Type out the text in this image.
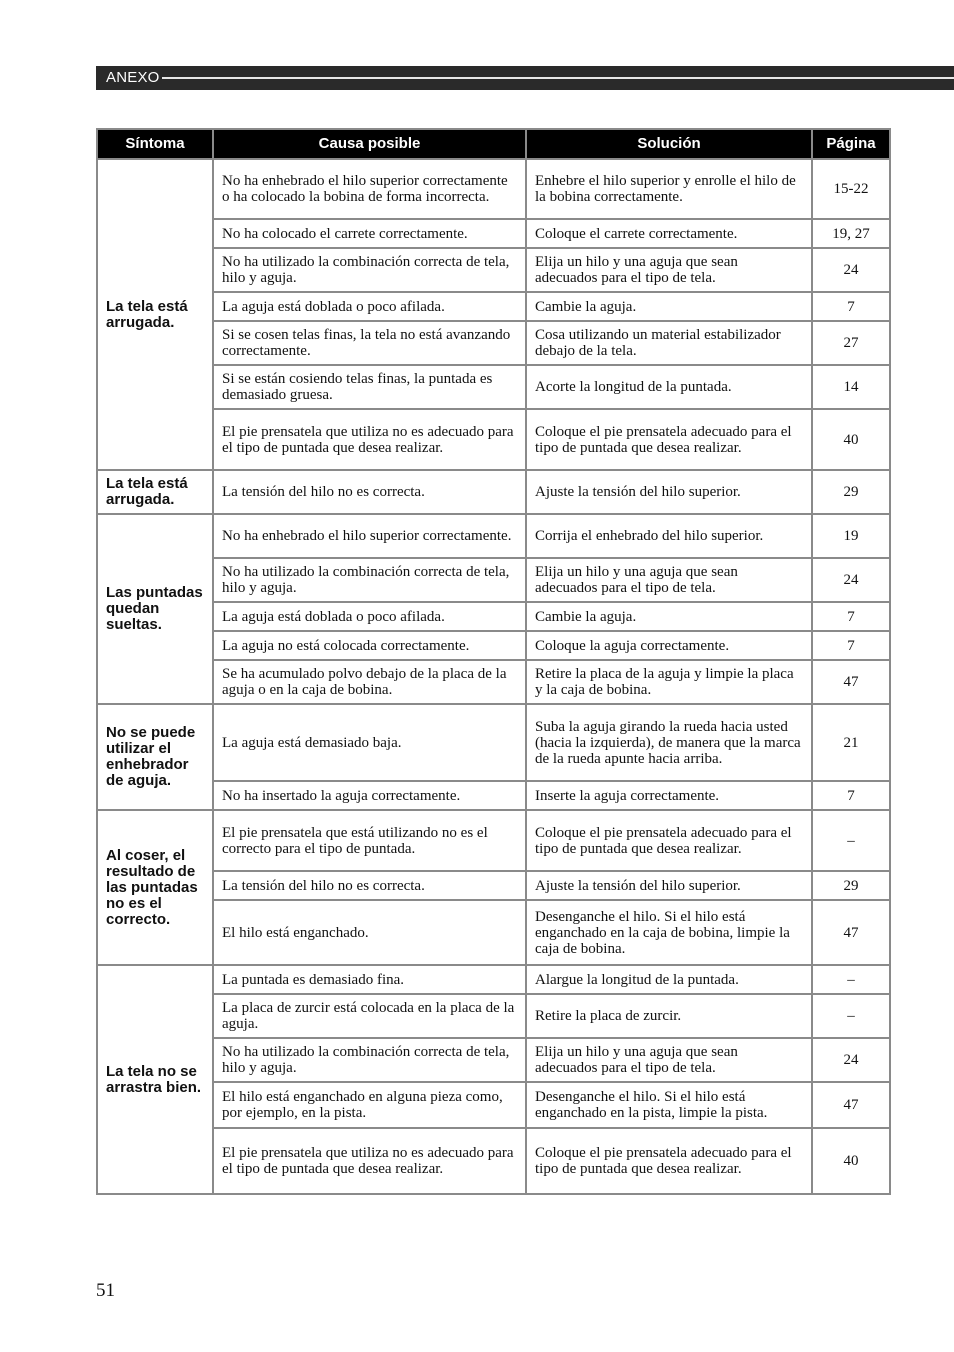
ANEXO
Síntoma	Causa posible	Solución	Página
La tela está arrugada.	No ha enhebrado el hilo superior correctamente o ha colocado la bobina de forma incorrecta.	Enhebre el hilo superior y enrolle el hilo de la bobina correctamente.	15-22
	No ha colocado el carrete correctamente.	Coloque el carrete correctamente.	19, 27
	No ha utilizado la combinación correcta de tela, hilo y aguja.	Elija un hilo y una aguja que sean adecuados para el tipo de tela.	24
	La aguja está doblada o poco afilada.	Cambie la aguja.	7
	Si se cosen telas finas, la tela no está avanzando correctamente.	Cosa utilizando un material estabilizador debajo de la tela.	27
	Si se están cosiendo telas finas, la puntada es demasiado gruesa.	Acorte la longitud de la puntada.	14
	El pie prensatela que utiliza no es adecuado para el tipo de puntada que desea realizar.	Coloque el pie prensatela adecuado para el tipo de puntada que desea realizar.	40
La tela está arrugada.	La tensión del hilo no es correcta.	Ajuste la tensión del hilo superior.	29
Las puntadas quedan sueltas.	No ha enhebrado el hilo superior correctamente.	Corrija el enhebrado del hilo superior.	19
	No ha utilizado la combinación correcta de tela, hilo y aguja.	Elija un hilo y una aguja que sean adecuados para el tipo de tela.	24
	La aguja está doblada o poco afilada.	Cambie la aguja.	7
	La aguja no está colocada correctamente.	Coloque la aguja correctamente.	7
	Se ha acumulado polvo debajo de la placa de la aguja o en la caja de bobina.	Retire la placa de la aguja y limpie la placa y la caja de bobina.	47
No se puede utilizar el enhebrador de aguja.	La aguja está demasiado baja.	Suba la aguja girando la rueda hacia usted (hacia la izquierda), de manera que la marca de la rueda apunte hacia arriba.	21
	No ha insertado la aguja correctamente.	Inserte la aguja correctamente.	7
Al coser, el resultado de las puntadas no es el correcto.	El pie prensatela que está utilizando no es el correcto para el tipo de puntada.	Coloque el pie prensatela adecuado para el tipo de puntada que desea realizar.	–
	La tensión del hilo no es correcta.	Ajuste la tensión del hilo superior.	29
	El hilo está enganchado.	Desenganche el hilo. Si el hilo está enganchado en la caja de bobina, limpie la caja de bobina.	47
La tela no se arrastra bien.	La puntada es demasiado fina.	Alargue la longitud de la puntada.	–
	La placa de zurcir está colocada en la placa de la aguja.	Retire la placa de zurcir.	–
	No ha utilizado la combinación correcta de tela, hilo y aguja.	Elija un hilo y una aguja que sean adecuados para el tipo de tela.	24
	El hilo está enganchado en alguna pieza como, por ejemplo, en la pista.	Desenganche el hilo. Si el hilo está enganchado en la pista, limpie la pista.	47
	El pie prensatela que utiliza no es adecuado para el tipo de puntada que desea realizar.	Coloque el pie prensatela adecuado para el tipo de puntada que desea realizar.	40
51
